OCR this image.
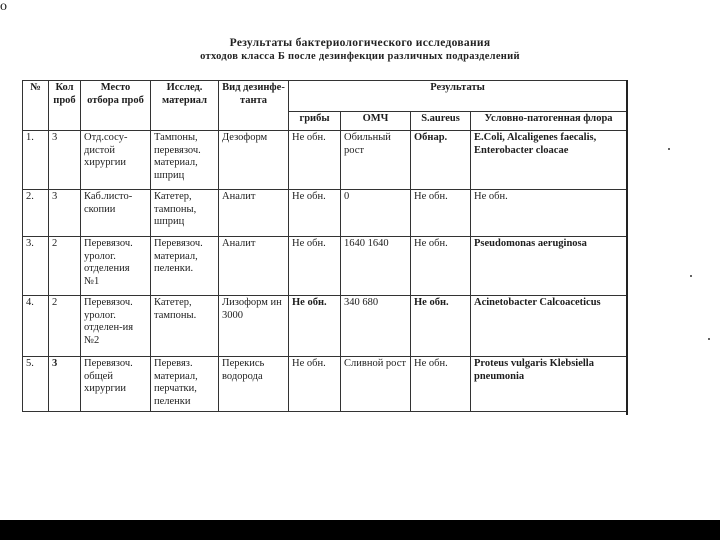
o
Результаты бактериологического исследования
отходов класса Б после дезинфекции различных подразделений
№	Кол проб	Место отбора проб	Исслед. материал	Вид дезинфе-танта	Результаты			
					грибы	ОМЧ	S.aureus	Условно-патогенная флора
1.	3	Отд.сосу-дистой хирургии	Тампоны, перевязоч. материал, шприц	Дезоформ	Не обн.	Обильный рост	Обнар.	E.Coli, Alcaligenes faecalis, Enterobacter cloacae
2.	3	Каб.листо-скопии	Катетер, тампоны, шприц	Аналит	Не обн.	0	Не обн.	Не обн.
3.	2	Перевязоч. уролог. отделения №1	Перевязоч. материал, пеленки.	Аналит	Не обн.	1640 1640	Не обн.	Pseudomonas aeruginosa
4.	2	Перевязоч. уролог. отделен-ия №2	Катетер, тампоны.	Лизоформ ин 3000	Не обн.	340 680	Не обн.	Acinetobacter Calcoaceticus
5.	3	Перевязоч. общей хирургии	Перевяз. материал, перчатки, пеленки	Перекись водорода	Не обн.	Сливной рост	Не обн.	Proteus vulgaris Klebsiella pneumonia
